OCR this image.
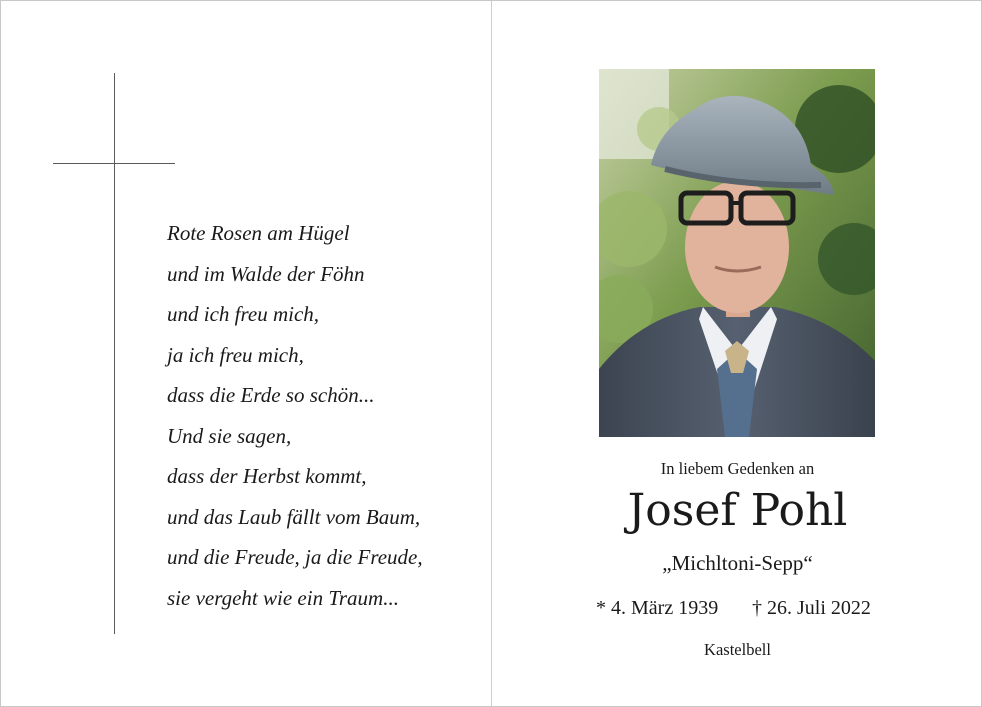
Rote Rosen am Hügel
und im Walde der Föhn
und ich freu mich,
ja ich freu mich,
dass die Erde so schön...
Und sie sagen,
dass der Herbst kommt,
und das Laub fällt vom Baum,
und die Freude, ja die Freude,
sie vergeht wie ein Traum...
In liebem Gedenken an
Josef Pohl
„Michltoni-Sepp“
* 4. März 1939 † 26. Juli 2022
Kastelbell
